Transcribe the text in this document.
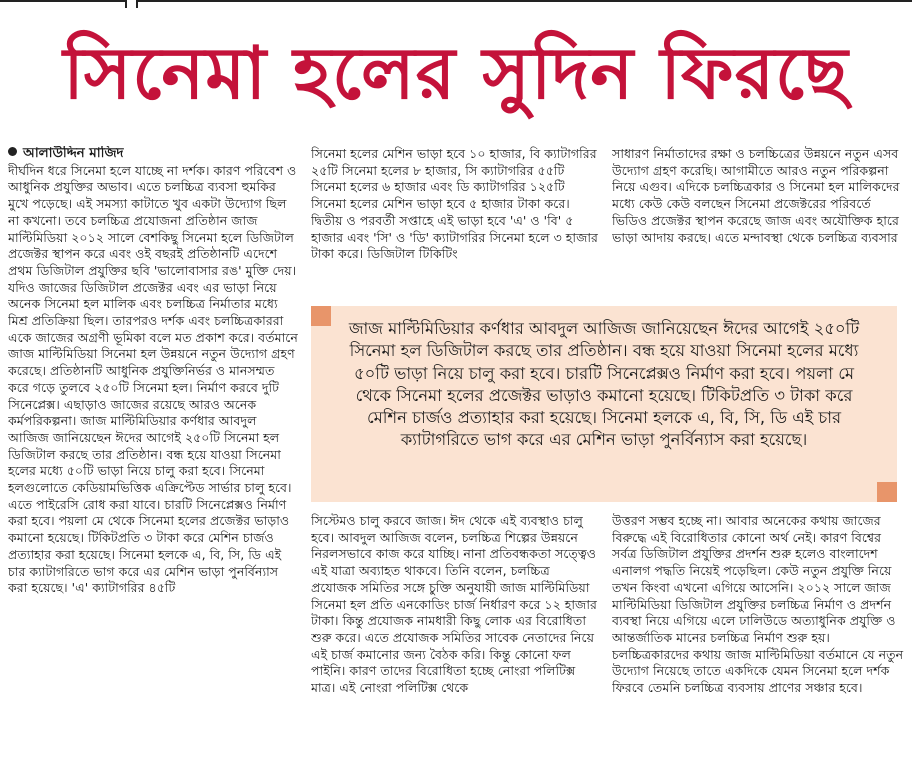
সিনেমা হলের সুদিন ফিরছে

আলাউদ্দিন মাজিদ

দীর্ঘদিন ধরে সিনেমা হলে যাচ্ছে না দর্শক। কারণ পরিবেশ ও আধুনিক প্রযুক্তির অভাব। এতে চলচ্চিত্র ব্যবসা হুমকির মুখে পড়েছে। এই সমস্যা কাটাতে খুব একটা উদ্যোগ ছিল না কখনো। তবে চলচ্চিত্র প্রযোজনা প্রতিষ্ঠান জাজ মাল্টিমিডিয়া ২০১২ সালে বেশকিছু সিনেমা হলে ডিজিটাল প্রজেক্টর স্থাপন করে এবং ওই বছরই প্রতিষ্ঠানটি এদেশে প্রথম ডিজিটাল প্রযুক্তির ছবি 'ভালোবাসার রঙ' মুক্তি দেয়। যদিও জাজের ডিজিটাল প্রজেক্টর এবং এর ভাড়া নিয়ে অনেক সিনেমা হল মালিক এবং চলচ্চিত্র নির্মাতার মধ্যে মিশ্র প্রতিক্রিয়া ছিল। তারপরও দর্শক এবং চলচ্চিত্রকাররা একে জাজের অগ্রণী ভূমিকা বলে মত প্রকাশ করে। বর্তমানে জাজ মাল্টিমিডিয়া সিনেমা হল উন্নয়নে নতুন উদ্যোগ গ্রহণ করেছে। প্রতিষ্ঠানটি আধুনিক প্রযুক্তিনির্ভর ও মানসম্মত করে গড়ে তুলবে ২৫০টি সিনেমা হল। নির্মাণ করবে দুটি সিনেপ্লেক্স। এছাড়াও জাজের রয়েছে আরও অনেক কর্মপরিকল্পনা। জাজ মাল্টিমিডিয়ার কর্ণধার আবদুল আজিজ জানিয়েছেন ঈদের আগেই ২৫০টি সিনেমা হল ডিজিটাল করছে তার প্রতিষ্ঠান। বন্ধ হয়ে যাওয়া সিনেমা হলের মধ্যে ৫০টি ভাড়া নিয়ে চালু করা হবে। সিনেমা হলগুলোতে কেডিয়ামভিত্তিক এক্রিপ্টেড সার্ভার চালু হবে। এতে পাইরেসি রোধ করা যাবে। চারটি সিনেপ্লেক্সও নির্মাণ করা হবে। পয়লা মে থেকে সিনেমা হলের প্রজেক্টর ভাড়াও কমানো হয়েছে। টিকিটপ্রতি ৩ টাকা করে মেশিন চার্জও প্রত্যাহার করা হয়েছে। সিনেমা হলকে এ, বি, সি, ডি এই চার ক্যাটাগরিতে ভাগ করে এর মেশিন ভাড়া পুনর্বিন্যাস করা হয়েছে। 'এ' ক্যাটাগরির ৪৫টি

সিনেমা হলের মেশিন ভাড়া হবে ১০ হাজার, বি ক্যাটাগরির ২৫টি সিনেমা হলের ৮ হাজার, সি ক্যাটাগরির ৫৫টি সিনেমা হলের ৬ হাজার এবং ডি ক্যাটাগরির ১২৫টি সিনেমা হলের মেশিন ভাড়া হবে ৫ হাজার টাকা করে। দ্বিতীয় ও পরবর্তী সপ্তাহে এই ভাড়া হবে 'এ' ও 'বি' ৫ হাজার এবং 'সি' ও 'ডি' ক্যাটাগরির সিনেমা হলে ৩ হাজার টাকা করে। ডিজিটাল টিকিটিং

সাধারণ নির্মাতাদের রক্ষা ও চলচ্চিত্রের উন্নয়নে নতুন এসব উদ্যোগ গ্রহণ করেছি। আগামীতে আরও নতুন পরিকল্পনা নিয়ে এগুব। এদিকে চলচ্চিত্রকার ও সিনেমা হল মালিকদের মধ্যে কেউ কেউ বলছেন সিনেমা প্রজেক্টরের পরিবর্তে ভিডিও প্রজেক্টর স্থাপন করেছে জাজ এবং অযৌক্তিক হারে ভাড়া আদায় করছে। এতে মন্দাবস্থা থেকে চলচ্চিত্র ব্যবসার

জাজ মাল্টিমিডিয়ার কর্ণধার আবদুল আজিজ জানিয়েছেন ঈদের আগেই ২৫০টি সিনেমা হল ডিজিটাল করছে তার প্রতিষ্ঠান। বন্ধ হয়ে যাওয়া সিনেমা হলের মধ্যে ৫০টি ভাড়া নিয়ে চালু করা হবে। চারটি সিনেপ্লেক্সও নির্মাণ করা হবে। পয়লা মে থেকে সিনেমা হলের প্রজেক্টর ভাড়াও কমানো হয়েছে। টিকিটপ্রতি ৩ টাকা করে মেশিন চার্জও প্রত্যাহার করা হয়েছে। সিনেমা হলকে এ, বি, সি, ডি এই চার ক্যাটাগরিতে ভাগ করে এর মেশিন ভাড়া পুনর্বিন্যাস করা হয়েছে।

সিস্টেমও চালু করবে জাজ। ঈদ থেকে এই ব্যবস্থাও চালু হবে। আবদুল আজিজ বলেন, চলচ্চিত্র শিল্পের উন্নয়নে নিরলসভাবে কাজ করে যাচ্ছি। নানা প্রতিবন্ধকতা সত্ত্বেও এই যাত্রা অব্যাহত থাকবে। তিনি বলেন, চলচ্চিত্র প্রযোজক সমিতির সঙ্গে চুক্তি অনুযায়ী জাজ মাল্টিমিডিয়া সিনেমা হল প্রতি এনকোডিং চার্জ নির্ধারণ করে ১২ হাজার টাকা। কিন্তু প্রযোজক নামধারী কিছু লোক এর বিরোধিতা শুরু করে। এতে প্রযোজক সমিতির সাবেক নেতাদের নিয়ে এই চার্জ কমানোর জন্য বৈঠক করি। কিন্তু কোনো ফল পাইনি। কারণ তাদের বিরোধিতা হচ্ছে নোংরা পলিটিক্স মাত্র। এই নোংরা পলিটিক্স থেকে

উত্তরণ সম্ভব হচ্ছে না। আবার অনেকের কথায় জাজের বিরুদ্ধে এই বিরোধিতার কোনো অর্থ নেই। কারণ বিশ্বের সর্বত্র ডিজিটাল প্রযুক্তির প্রদর্শন শুরু হলেও বাংলাদেশ এনালগ পদ্ধতি নিয়েই পড়েছিল। কেউ নতুন প্রযুক্তি নিয়ে তখন কিংবা এখনো এগিয়ে আসেনি। ২০১২ সালে জাজ মাল্টিমিডিয়া ডিজিটাল প্রযুক্তির চলচ্চিত্র নির্মাণ ও প্রদর্শন ব্যবস্থা নিয়ে এগিয়ে এলে ঢালিউডে অত্যাধুনিক প্রযুক্তি ও আন্তর্জাতিক মানের চলচ্চিত্র নির্মাণ শুরু হয়। চলচ্চিত্রকারদের কথায় জাজ মাল্টিমিডিয়া বর্তমানে যে নতুন উদ্যোগ নিয়েছে তাতে একদিকে যেমন সিনেমা হলে দর্শক ফিরবে তেমনি চলচ্চিত্র ব্যবসায় প্রাণের সঞ্চার হবে।
